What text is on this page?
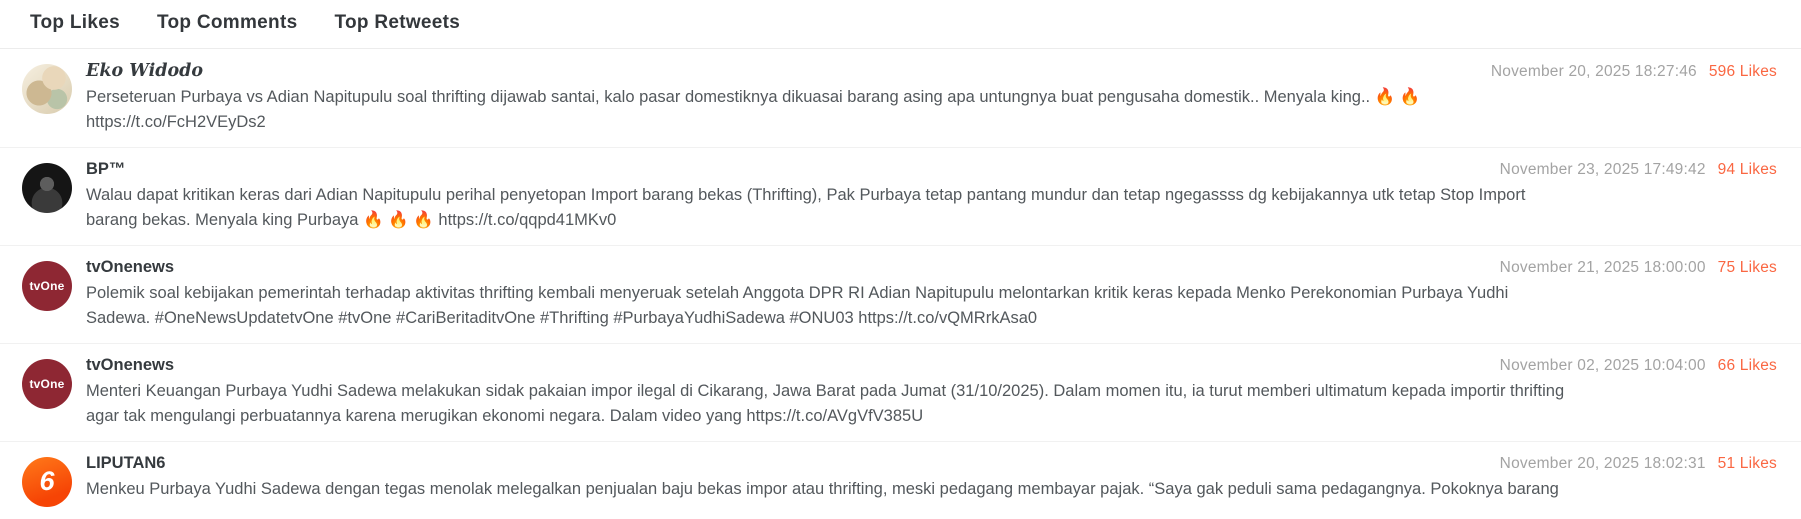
Top Likes Top Comments Top Retweets
Eko Widodo	November 20, 2025 18:27:46 596 Likes
Perseteruan Purbaya vs Adian Napitupulu soal thrifting dijawab santai, kalo pasar domestiknya dikuasai barang asing apa untungnya buat pengusaha domestik.. Menyala king.. 🔥 🔥 https://t.co/FcH2VEyDs2
BP™	November 23, 2025 17:49:42 94 Likes
Walau dapat kritikan keras dari Adian Napitupulu perihal penyetopan Import barang bekas (Thrifting), Pak Purbaya tetap pantang mundur dan tetap ngegassss dg kebijakannya utk tetap Stop Import barang bekas. Menyala king Purbaya 🔥 🔥 🔥 https://t.co/qqpd41MKv0
tvOne
tvOnenews	November 21, 2025 18:00:00 75 Likes
Polemik soal kebijakan pemerintah terhadap aktivitas thrifting kembali menyeruak setelah Anggota DPR RI Adian Napitupulu melontarkan kritik keras kepada Menko Perekonomian Purbaya Yudhi Sadewa. #OneNewsUpdatetvOne #tvOne #CariBeritaditvOne #Thrifting #PurbayaYudhiSadewa #ONU03 https://t.co/vQMRrkAsa0
tvOne
tvOnenews	November 02, 2025 10:04:00 66 Likes
Menteri Keuangan Purbaya Yudhi Sadewa melakukan sidak pakaian impor ilegal di Cikarang, Jawa Barat pada Jumat (31/10/2025). Dalam momen itu, ia turut memberi ultimatum kepada importir thrifting agar tak mengulangi perbuatannya karena merugikan ekonomi negara. Dalam video yang https://t.co/AVgVfV385U
6
LIPUTAN6	November 20, 2025 18:02:31 51 Likes
Menkeu Purbaya Yudhi Sadewa dengan tegas menolak melegalkan penjualan baju bekas impor atau thrifting, meski pedagang membayar pajak. “Saya gak peduli sama pedagangnya. Pokoknya barang
